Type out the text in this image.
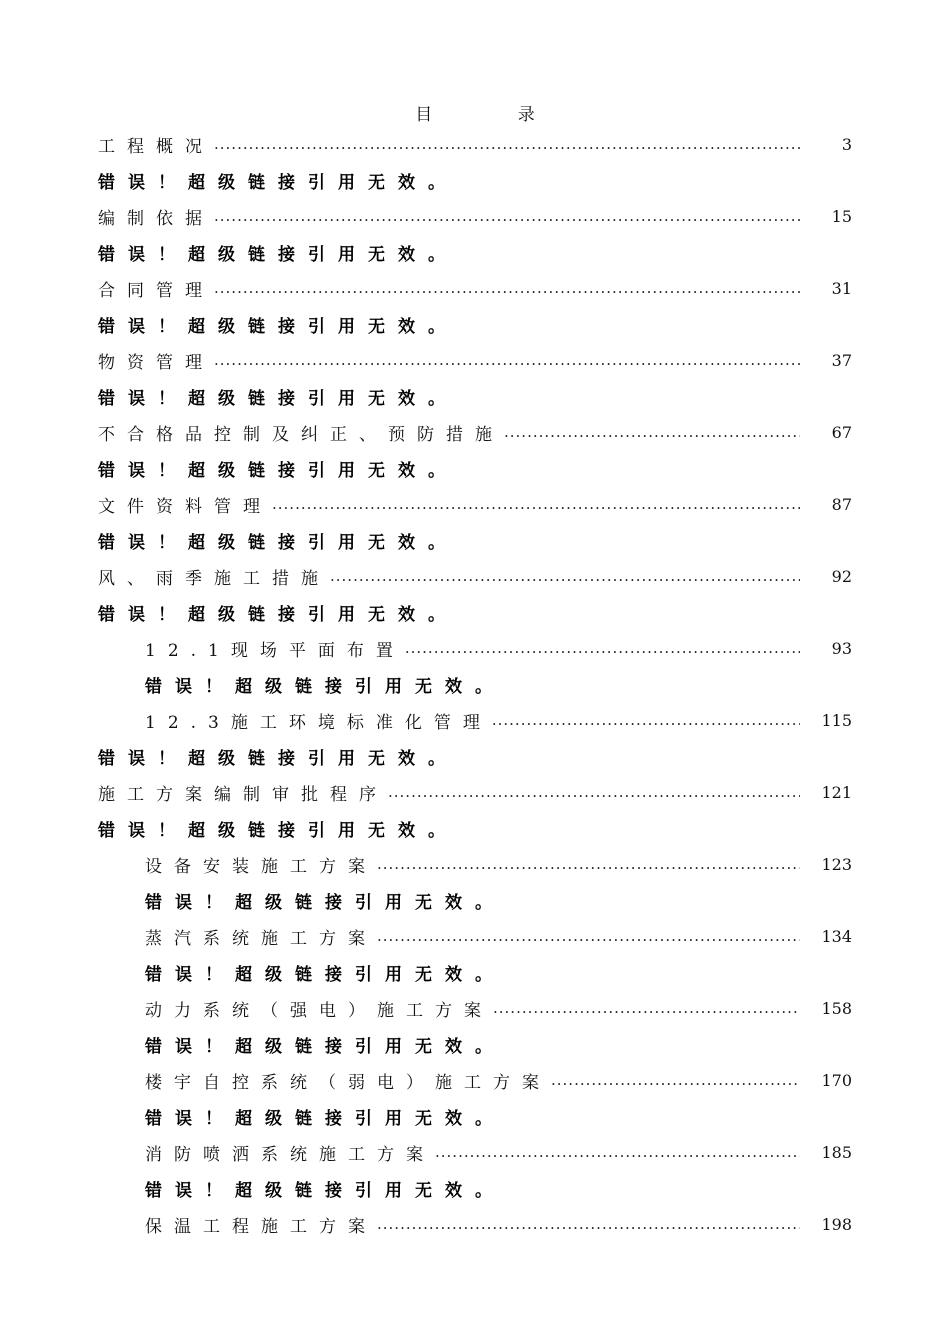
目 录
工程概况 .....	3
错误！超级链接引用无效。
编制依据 .....	15
错误！超级链接引用无效。
合同管理 .....	31
错误！超级链接引用无效。
物资管理 .....	37
错误！超级链接引用无效。
不合格品控制及纠正、预防措施 .....	67
错误！超级链接引用无效。
文件资料管理 .....	87
错误！超级链接引用无效。
风、雨季施工措施 .....	92
错误！超级链接引用无效。
12.1现场平面布置 .....	93
错误！超级链接引用无效。
12.3施工环境标准化管理 .....	115
错误！超级链接引用无效。
施工方案编制审批程序 .....	121
错误！超级链接引用无效。
设备安装施工方案 .....	123
错误！超级链接引用无效。
蒸汽系统施工方案 .....	134
错误！超级链接引用无效。
动力系统（强电）施工方案 .....	158
错误！超级链接引用无效。
楼宇自控系统（弱电）施工方案 .....	170
错误！超级链接引用无效。
消防喷洒系统施工方案 .....	185
错误！超级链接引用无效。
保温工程施工方案 .....	198
